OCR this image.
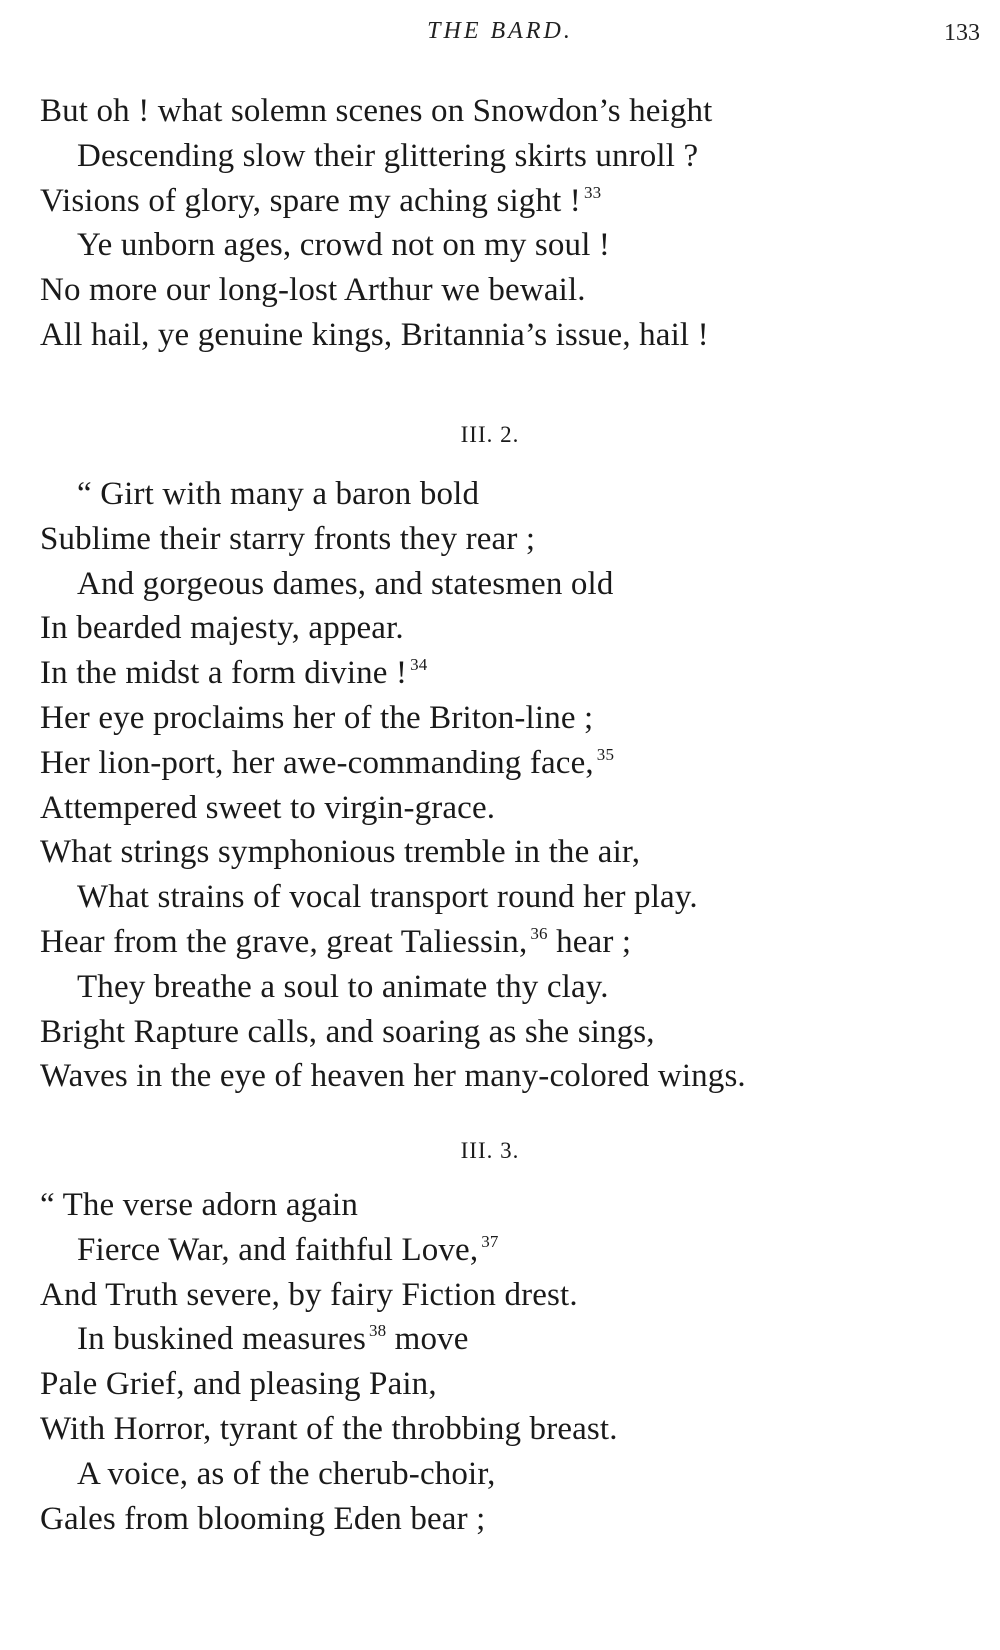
THE BARD.	133
But oh ! what solemn scenes on Snowdon’s height
Descending slow their glittering skirts unroll ?
Visions of glory, spare my aching sight ! $^{33}$
Ye unborn ages, crowd not on my soul !
No more our long-lost Arthur we bewail.
All hail, ye genuine kings, Britannia’s issue, hail !
III. 2.
“ Girt with many a baron bold
Sublime their starry fronts they rear ;
And gorgeous dames, and statesmen old
In bearded majesty, appear.
In the midst a form divine ! $^{34}$
Her eye proclaims her of the Briton-line ;
Her lion-port, her awe-commanding face, $^{35}$
Attempered sweet to virgin-grace.
What strings symphonious tremble in the air,
What strains of vocal transport round her play.
Hear from the grave, great Taliessin, $^{36}$ hear ;
They breathe a soul to animate thy clay.
Bright Rapture calls, and soaring as she sings,
Waves in the eye of heaven her many-colored wings.
III. 3.
“ The verse adorn again
Fierce War, and faithful Love, $^{37}$
And Truth severe, by fairy Fiction drest.
In buskined measures $^{38}$ move
Pale Grief, and pleasing Pain,
With Horror, tyrant of the throbbing breast.
A voice, as of the cherub-choir,
Gales from blooming Eden bear ;
